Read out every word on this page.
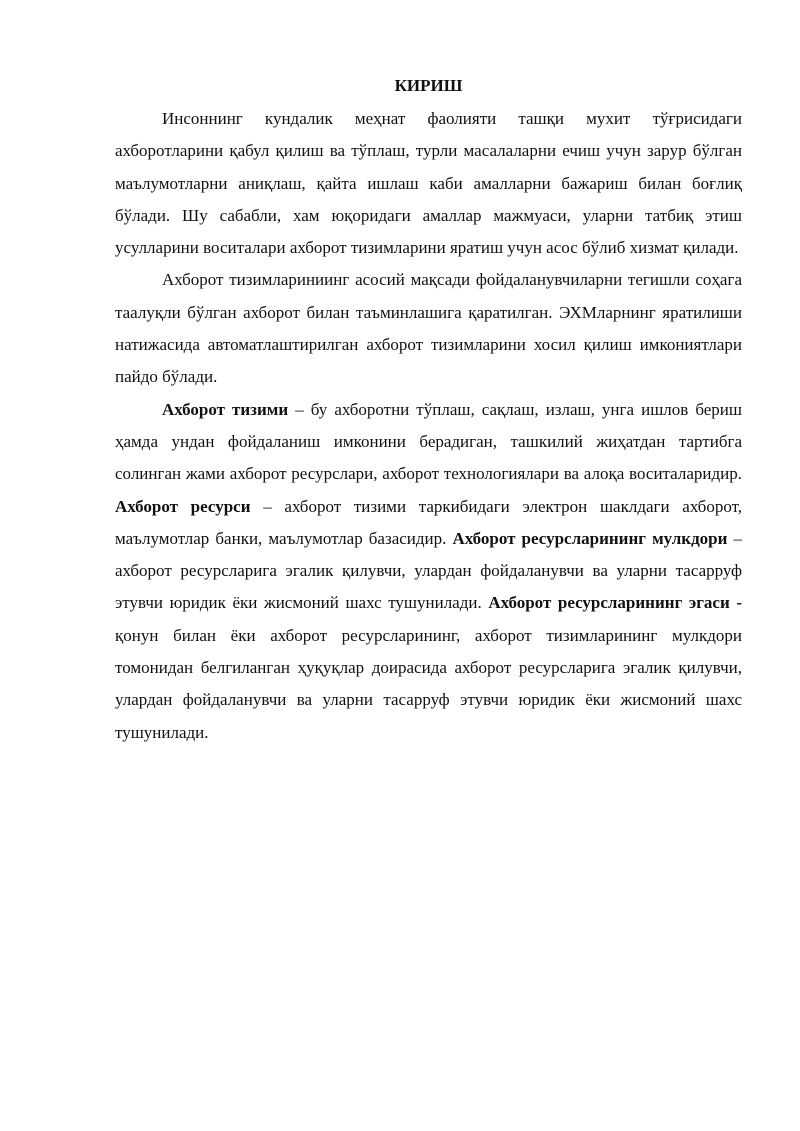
КИРИШ

Инсоннинг кундалик меҳнат фаолияти ташқи мухит тўғрисидаги ахборотларини қабул қилиш ва тўплаш, турли масалаларни ечиш учун зарур бўлган маълумотларни аниқлаш, қайта ишлаш каби амалларни бажариш билан боғлиқ бўлади. Шу сабабли, хам юқоридаги амаллар мажмуаси, уларни татбиқ этиш усулларини воситалари ахборот тизимларини яратиш учун асос бўлиб хизмат қилади.

Ахборот тизимлариниинг асосий мақсади фойдаланувчиларни тегишли соҳага таалуқли бўлган ахборот билан таъминлашига қаратилган. ЭХМларнинг яратилиши натижасида автоматлаштирилган ахборот тизимларини хосил қилиш имкониятлари пайдо бўлади.

Ахборот тизими – бу ахборотни тўплаш, сақлаш, излаш, унга ишлов бериш ҳамда ундан фойдаланиш имконини берадиган, ташкилий жиҳатдан тартибга солинган жами ахборот ресурслари, ахборот технологиялари ва алоқа воситаларидир. Ахборот ресурси – ахборот тизими таркибидаги электрон шаклдаги ахборот, маълумотлар банки, маълумотлар базасидир. Ахборот ресурсларининг мулкдори – ахборот ресурсларига эгалик қилувчи, улардан фойдаланувчи ва уларни тасарруф этувчи юридик ёки жисмоний шахс тушунилади. Ахборот ресурсларининг эгаси - қонун билан ёки ахборот ресурсларининг, ахборот тизимларининг мулкдори томонидан белгиланган ҳуқуқлар доирасида ахборот ресурсларига эгалик қилувчи, улардан фойдаланувчи ва уларни тасарруф этувчи юридик ёки жисмоний шахс тушунилади.
